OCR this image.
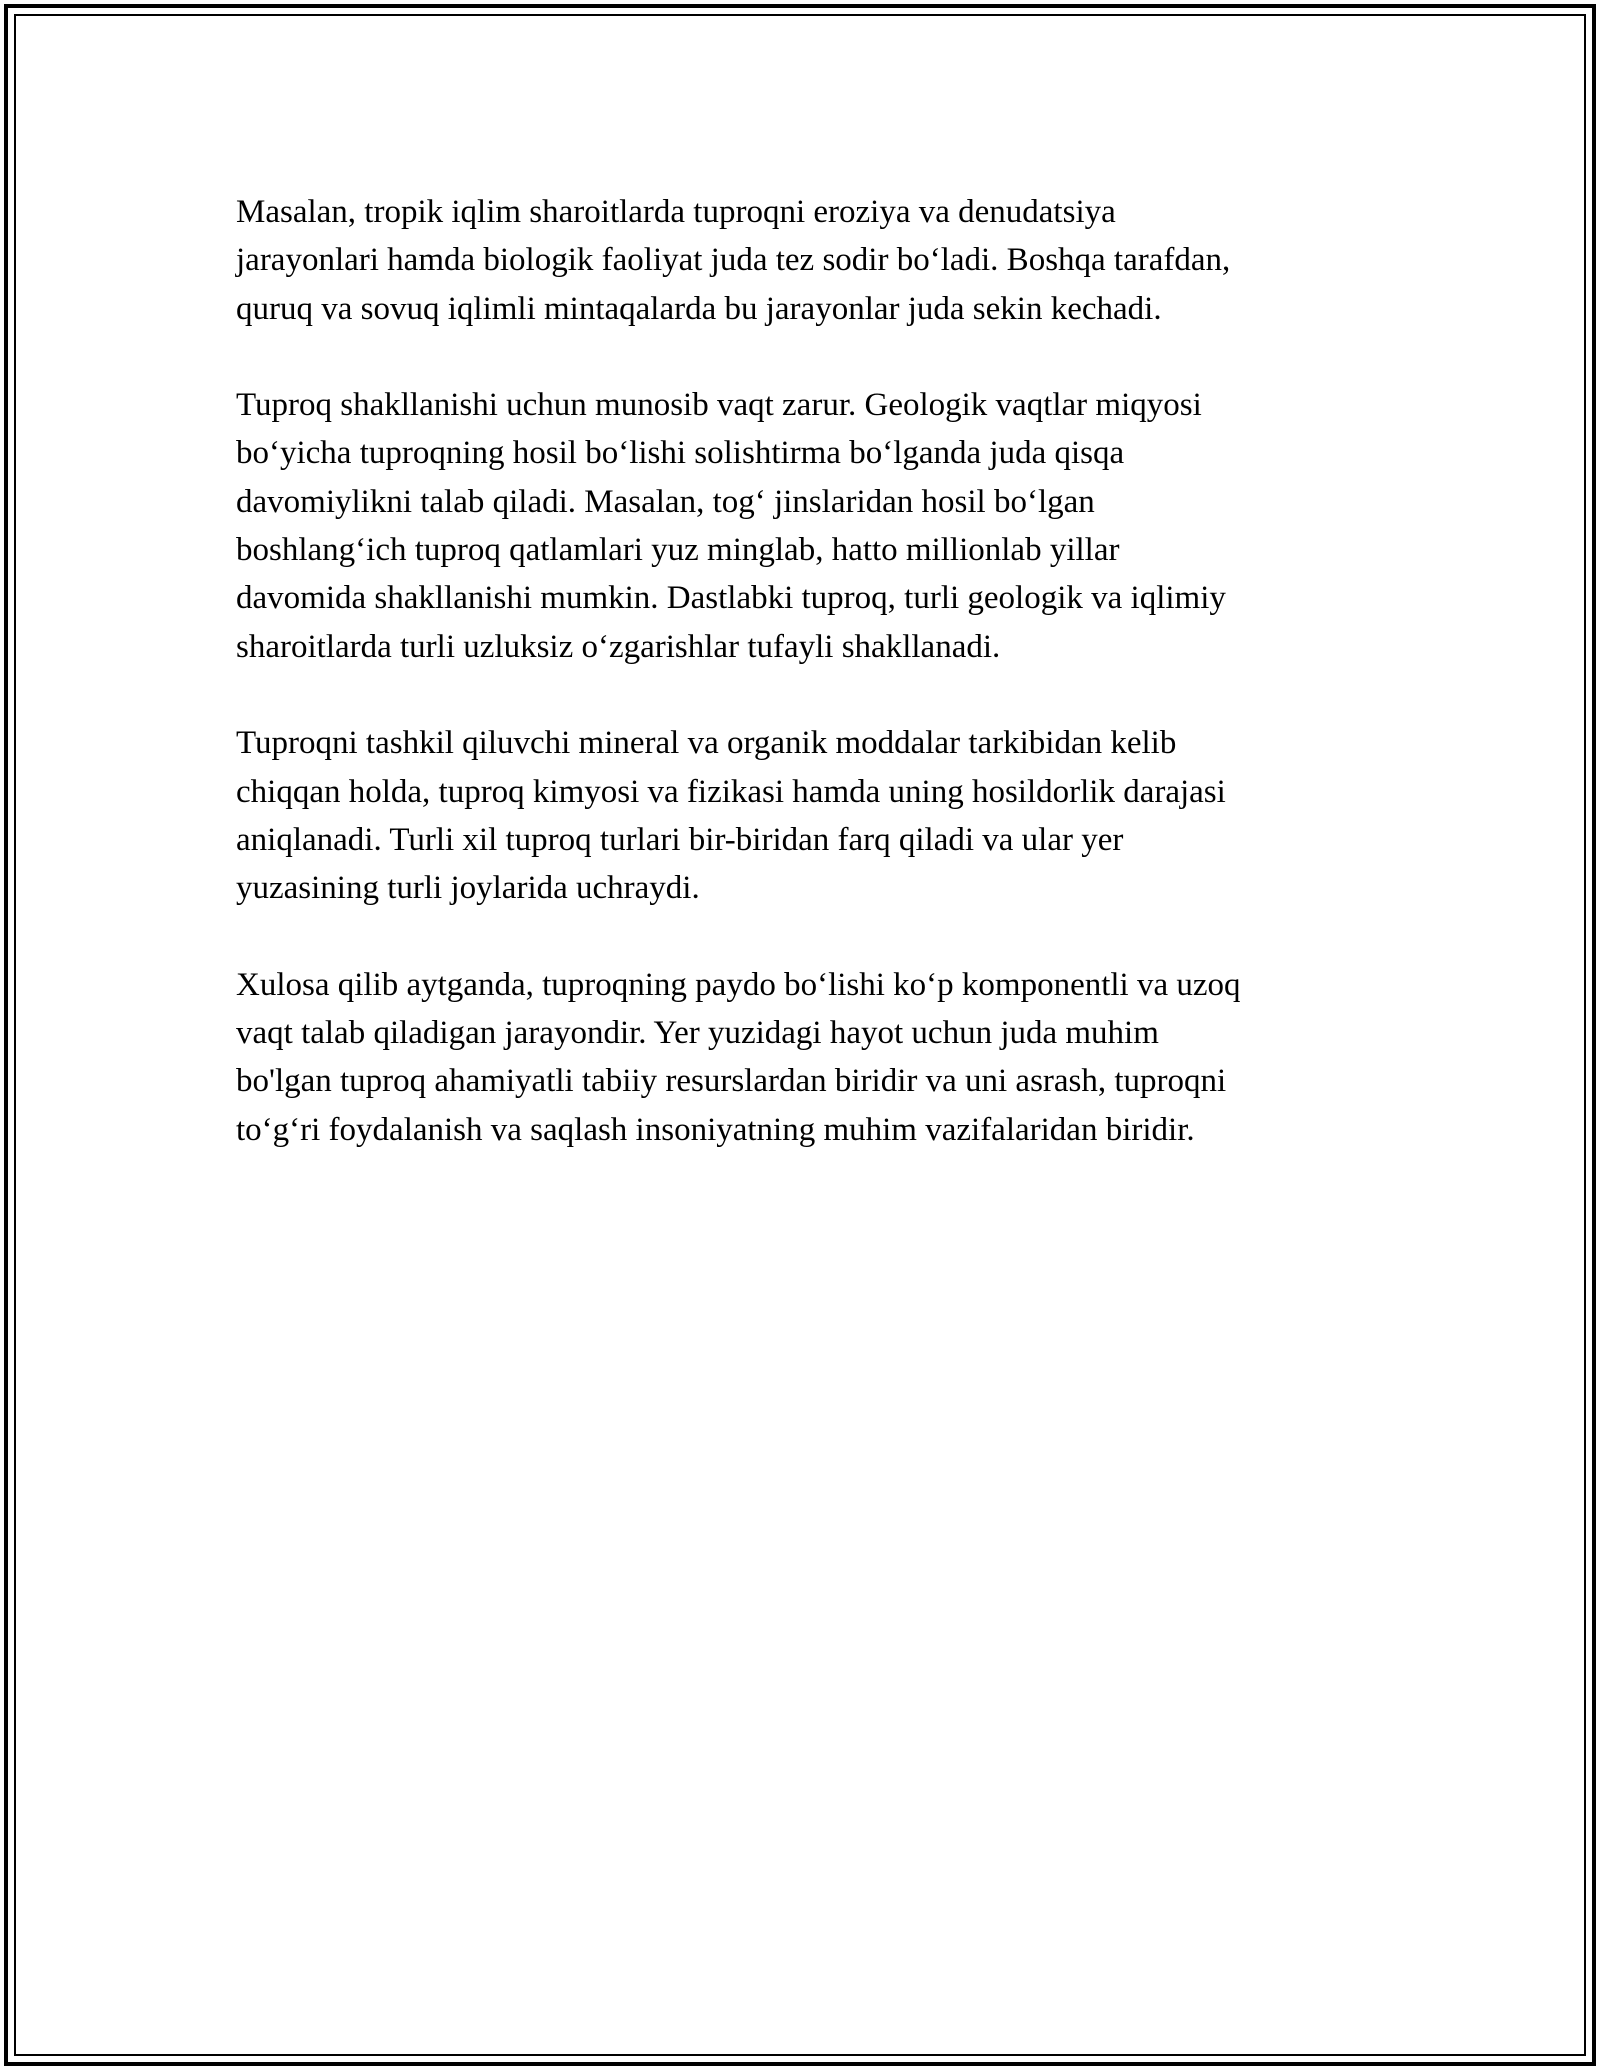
Masalan, tropik iqlim sharoitlarda tuproqni eroziya va denudatsiya
jarayonlari hamda biologik faoliyat juda tez sodir bo‘ladi. Boshqa tarafdan,
quruq va sovuq iqlimli mintaqalarda bu jarayonlar juda sekin kechadi.

Tuproq shakllanishi uchun munosib vaqt zarur. Geologik vaqtlar miqyosi
bo‘yicha tuproqning hosil bo‘lishi solishtirma bo‘lganda juda qisqa
davomiylikni talab qiladi. Masalan, tog‘ jinslaridan hosil bo‘lgan
boshlang‘ich tuproq qatlamlari yuz minglab, hatto millionlab yillar
davomida shakllanishi mumkin. Dastlabki tuproq, turli geologik va iqlimiy
sharoitlarda turli uzluksiz o‘zgarishlar tufayli shakllanadi.

Tuproqni tashkil qiluvchi mineral va organik moddalar tarkibidan kelib
chiqqan holda, tuproq kimyosi va fizikasi hamda uning hosildorlik darajasi
aniqlanadi. Turli xil tuproq turlari bir-biridan farq qiladi va ular yer
yuzasining turli joylarida uchraydi.

Xulosa qilib aytganda, tuproqning paydo bo‘lishi ko‘p komponentli va uzoq
vaqt talab qiladigan jarayondir. Yer yuzidagi hayot uchun juda muhim
bo'lgan tuproq ahamiyatli tabiiy resurslardan biridir va uni asrash, tuproqni
to‘g‘ri foydalanish va saqlash insoniyatning muhim vazifalaridan biridir.
